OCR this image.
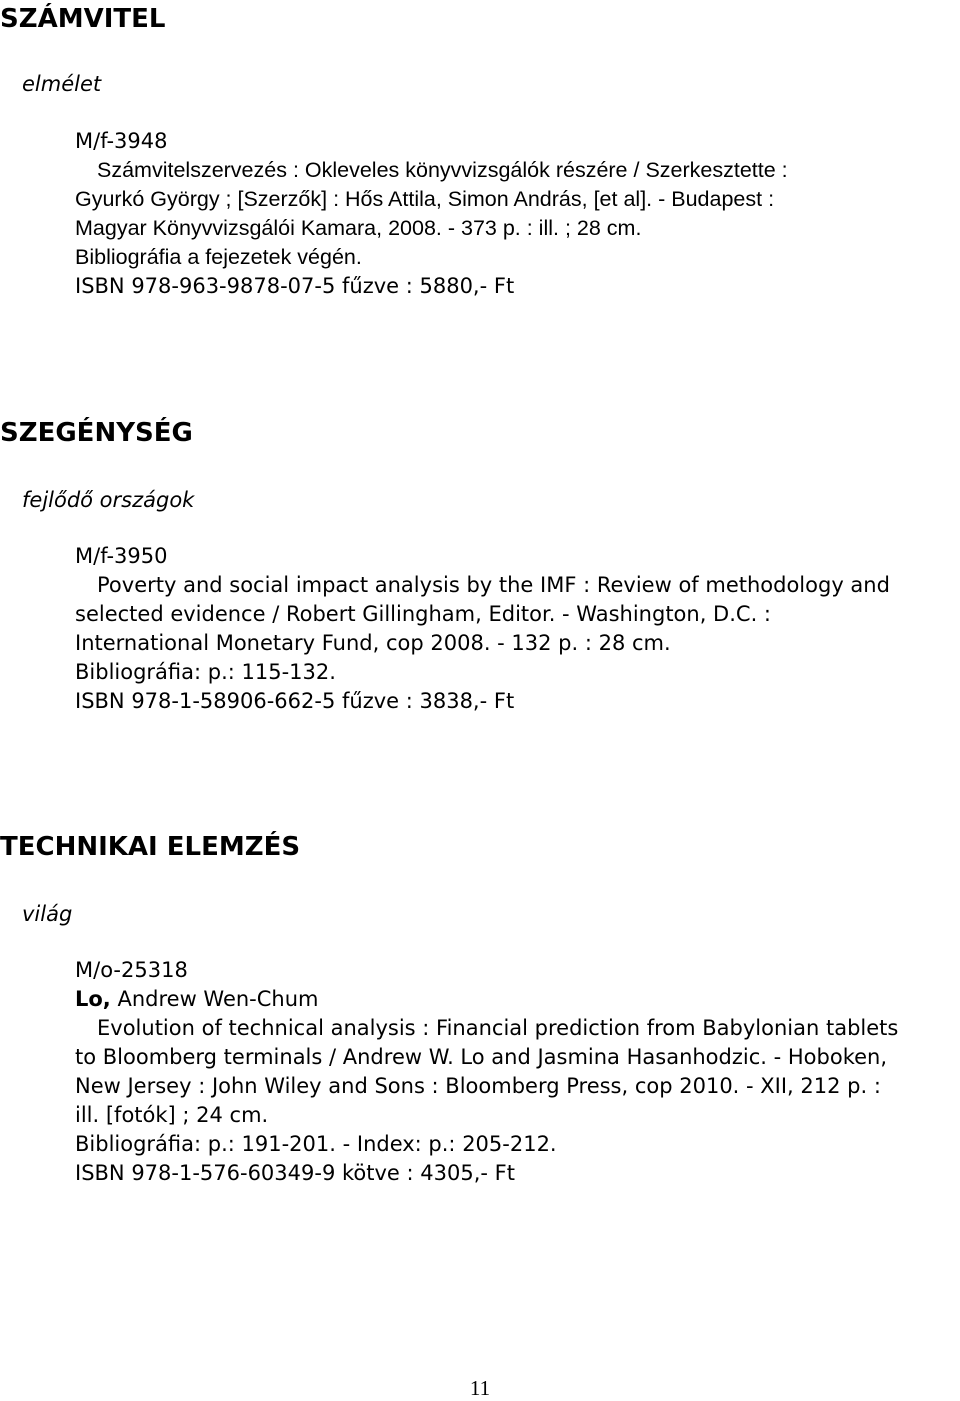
SZÁMVITEL

elmélet

M/f-3948
Számvitelszervezés : Okleveles könyvvizsgálók részére / Szerkesztette :
Gyurkó György ; [Szerzők] : Hős Attila, Simon András, [et al]. - Budapest :
Magyar Könyvvizsgálói Kamara, 2008. - 373 p. : ill. ; 28 cm.
Bibliográfia a fejezetek végén.
ISBN 978-963-9878-07-5 fűzve : 5880,- Ft
SZEGÉNYSÉG

fejlődő országok

M/f-3950
Poverty and social impact analysis by the IMF : Review of methodology and
selected evidence / Robert Gillingham, Editor. - Washington, D.C. :
International Monetary Fund, cop 2008. - 132 p. : 28 cm.
Bibliográfia: p.: 115-132.
ISBN 978-1-58906-662-5 fűzve : 3838,- Ft
TECHNIKAI ELEMZÉS

világ

M/o-25318
Lo, Andrew Wen-Chum
Evolution of technical analysis : Financial prediction from Babylonian tablets
to Bloomberg terminals / Andrew W. Lo and Jasmina Hasanhodzic. - Hoboken,
New Jersey : John Wiley and Sons : Bloomberg Press, cop 2010. - XII, 212 p. :
ill. [fotók] ; 24 cm.
Bibliográfia: p.: 191-201. - Index: p.: 205-212.
ISBN 978-1-576-60349-9 kötve : 4305,- Ft
11
